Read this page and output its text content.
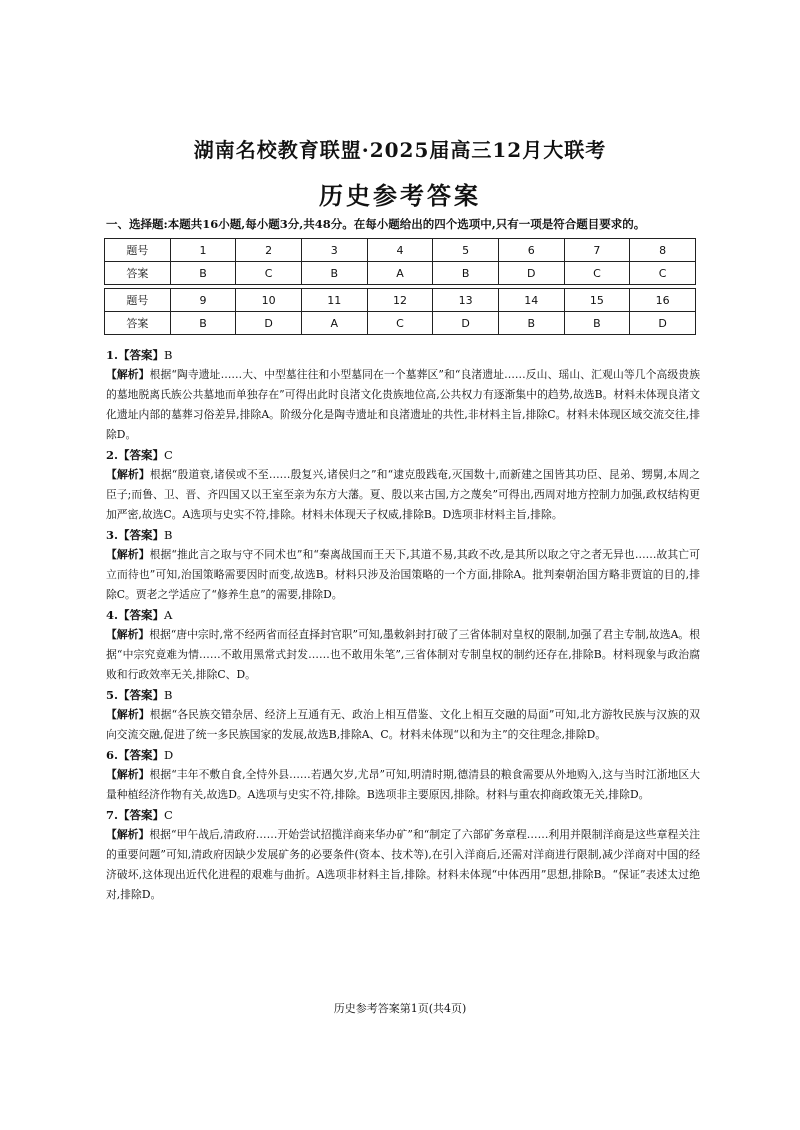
湖南名校教育联盟·2025届高三12月大联考
历史参考答案
一、选择题:本题共16小题,每小题3分,共48分。在每小题给出的四个选项中,只有一项是符合题目要求的。
题号	1	2	3	4	5	6	7	8
答案	B	C	B	A	B	D	C	C

题号	9	10	11	12	13	14	15	16
答案	B	D	A	C	D	B	B	D

1.【答案】B

【解析】根据“陶寺遗址……大、中型墓往往和小型墓同在一个墓葬区”和“良渚遗址……反山、瑶山、汇观山等几个高级贵族的墓地脱离氏族公共墓地而单独存在”可得出此时良渚文化贵族地位高,公共权力有逐渐集中的趋势,故选B。材料未体现良渚文化遗址内部的墓葬习俗差异,排除A。阶级分化是陶寺遗址和良渚遗址的共性,非材料主旨,排除C。材料未体现区域交流交往,排除D。

2.【答案】C

【解析】根据“殷道衰,诸侯或不至……殷复兴,诸侯归之”和“逮克殷践奄,灭国数十,而新建之国皆其功臣、昆弟、甥舅,本周之臣子;而鲁、卫、晋、齐四国又以王室至亲为东方大藩。夏、殷以来古国,方之蔑矣”可得出,西周对地方控制力加强,政权结构更加严密,故选C。A选项与史实不符,排除。材料未体现天子权威,排除B。D选项非材料主旨,排除。

3.【答案】B

【解析】根据“推此言之取与守不同术也”和“秦离战国而王天下,其道不易,其政不改,是其所以取之守之者无异也……故其亡可立而待也”可知,治国策略需要因时而变,故选B。材料只涉及治国策略的一个方面,排除A。批判秦朝治国方略非贾谊的目的,排除C。贾老之学适应了“修养生息”的需要,排除D。

4.【答案】A

【解析】根据“唐中宗时,常不经两省而径直择封官职”可知,墨敕斜封打破了三省体制对皇权的限制,加强了君主专制,故选A。根据“中宗究竟难为情……不敢用黑常式封发……也不敢用朱笔”,三省体制对专制皇权的制约还存在,排除B。材料现象与政治腐败和行政效率无关,排除C、D。

5.【答案】B

【解析】根据“各民族交错杂居、经济上互通有无、政治上相互借鉴、文化上相互交融的局面”可知,北方游牧民族与汉族的双向交流交融,促进了统一多民族国家的发展,故选B,排除A、C。材料未体现“以和为主”的交往理念,排除D。

6.【答案】D

【解析】根据“丰年不敷自食,全恃外县……若遇欠岁,尤昂”可知,明清时期,德清县的粮食需要从外地购入,这与当时江浙地区大量种植经济作物有关,故选D。A选项与史实不符,排除。B选项非主要原因,排除。材料与重农抑商政策无关,排除D。

7.【答案】C

【解析】根据“甲午战后,清政府……开始尝试招揽洋商来华办矿”和“制定了六部矿务章程……利用并限制洋商是这些章程关注的重要问题”可知,清政府因缺少发展矿务的必要条件(资本、技术等),在引入洋商后,还需对洋商进行限制,减少洋商对中国的经济破坏,这体现出近代化进程的艰难与曲折。A选项非材料主旨,排除。材料未体现“中体西用”思想,排除B。“保证”表述太过绝对,排除D。

历史参考答案第1页(共4页)
